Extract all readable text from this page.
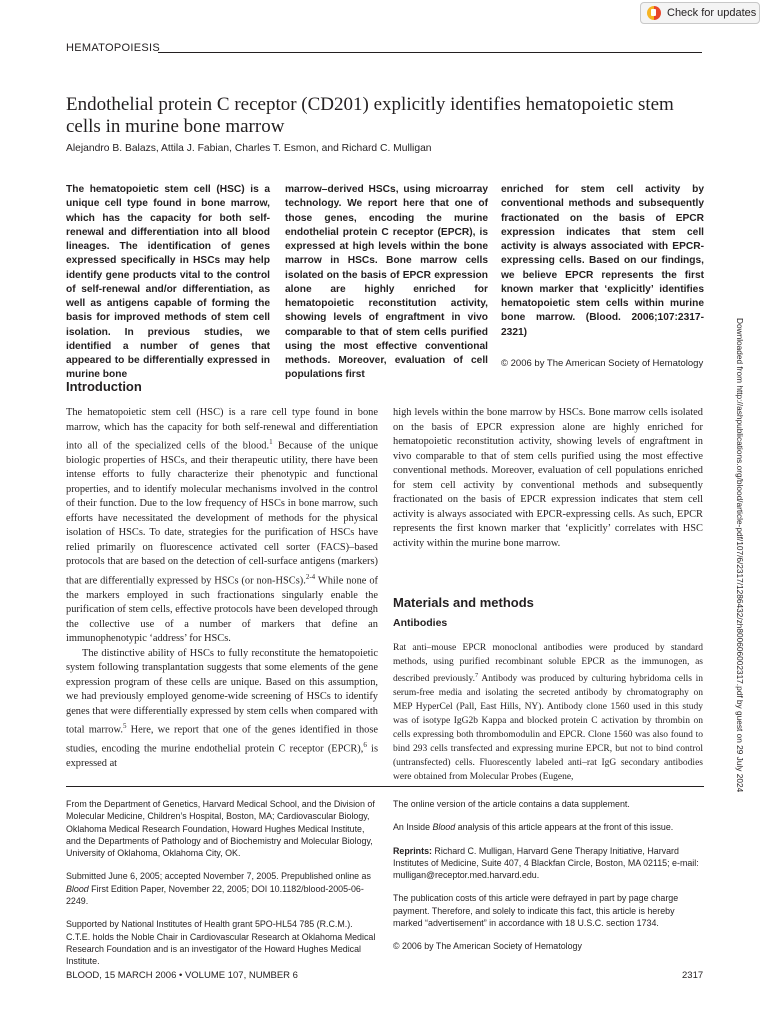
Check for updates
HEMATOPOIESIS
Endothelial protein C receptor (CD201) explicitly identifies hematopoietic stem
cells in murine bone marrow
Alejandro B. Balazs, Attila J. Fabian, Charles T. Esmon, and Richard C. Mulligan

The hematopoietic stem cell (HSC) is a unique cell type found in bone marrow, which has the capacity for both self-renewal and differentiation into all blood lineages. The identification of genes expressed specifically in HSCs may help identify gene products vital to the control of self-renewal and/or differentiation, as well as antigens capable of forming the basis for improved methods of stem cell isolation. In previous studies, we identified a number of genes that appeared to be differentially expressed in murine bone

marrow–derived HSCs, using microarray technology. We report here that one of those genes, encoding the murine endothelial protein C receptor (EPCR), is expressed at high levels within the bone marrow in HSCs. Bone marrow cells isolated on the basis of EPCR expression alone are highly enriched for hematopoietic reconstitution activity, showing levels of engraftment in vivo comparable to that of stem cells purified using the most effective conventional methods. Moreover, evaluation of cell populations first

enriched for stem cell activity by conventional methods and subsequently fractionated on the basis of EPCR expression indicates that stem cell activity is always associated with EPCR-expressing cells. Based on our findings, we believe EPCR represents the first known marker that ‘explicitly’ identifies hematopoietic stem cells within murine bone marrow. (Blood. 2006;107:2317-2321)

© 2006 by The American Society of Hematology
Introduction

The hematopoietic stem cell (HSC) is a rare cell type found in bone marrow, which has the capacity for both self-renewal and differentiation into all of the specialized cells of the blood.$^1$ Because of the unique biologic properties of HSCs, and their therapeutic utility, there have been intense efforts to fully characterize their phenotypic and functional properties, and to identify molecular mechanisms involved in the control of their function. Due to the low frequency of HSCs in bone marrow, such efforts have necessitated the development of methods for the physical isolation of HSCs. To date, strategies for the purification of HSCs have relied primarily on fluorescence activated cell sorter (FACS)–based protocols that are based on the detection of cell-surface antigens (markers) that are differentially expressed by HSCs (or non-HSCs).$^{2-4}$ While none of the markers employed in such fractionations singularly enable the purification of stem cells, effective protocols have been developed through the collective use of a number of markers that define an immunophenotypic ‘address’ for HSCs.

The distinctive ability of HSCs to fully reconstitute the hematopoietic system following transplantation suggests that some elements of the gene expression program of these cells are unique. Based on this assumption, we had previously employed genome-wide screening of HSCs to identify genes that were differentially expressed by stem cells when compared with total marrow.$^5$ Here, we report that one of the genes identified in those studies, encoding the murine endothelial protein C receptor (EPCR),$^6$ is expressed at

high levels within the bone marrow by HSCs. Bone marrow cells isolated on the basis of EPCR expression alone are highly enriched for hematopoietic reconstitution activity, showing levels of engraftment in vivo comparable to that of stem cells purified using the most effective conventional methods. Moreover, evaluation of cell populations enriched for stem cell activity by conventional methods and subsequently fractionated on the basis of EPCR expression indicates that stem cell activity is always associated with EPCR-expressing cells. As such, EPCR represents the first known marker that ‘explicitly’ correlates with HSC activity within the murine bone marrow.

Materials and methods
Antibodies

Rat anti–mouse EPCR monoclonal antibodies were produced by standard methods, using purified recombinant soluble EPCR as the immunogen, as described previously.$^7$ Antibody was produced by culturing hybridoma cells in serum-free media and isolating the secreted antibody by chromatography on MEP HyperCel (Pall, East Hills, NY). Antibody clone 1560 used in this study was of isotype IgG2b Kappa and blocked protein C activation by thrombin on cells expressing both thrombomodulin and EPCR. Clone 1560 was also found to bind 293 cells transfected and expressing murine EPCR, but not to bind control (untransfected) cells. Fluorescently labeled anti–rat IgG secondary antibodies were obtained from Molecular Probes (Eugene,

From the Department of Genetics, Harvard Medical School, and the Division of Molecular Medicine, Children’s Hospital, Boston, MA; Cardiovascular Biology, Oklahoma Medical Research Foundation, Howard Hughes Medical Institute, and the Departments of Pathology and of Biochemistry and Molecular Biology, University of Oklahoma, Oklahoma City, OK.

Submitted June 6, 2005; accepted November 7, 2005. Prepublished online as Blood First Edition Paper, November 22, 2005; DOI 10.1182/blood-2005-06-2249.

Supported by National Institutes of Health grant 5PO-HL54 785 (R.C.M.). C.T.E. holds the Noble Chair in Cardiovascular Research at Oklahoma Medical Research Foundation and is an investigator of the Howard Hughes Medical Institute.

The online version of the article contains a data supplement.

An Inside Blood analysis of this article appears at the front of this issue.

Reprints: Richard C. Mulligan, Harvard Gene Therapy Initiative, Harvard Institutes of Medicine, Suite 407, 4 Blackfan Circle, Boston, MA 02115; e-mail: mulligan@receptor.med.harvard.edu.

The publication costs of this article were defrayed in part by page charge payment. Therefore, and solely to indicate this fact, this article is hereby marked “advertisement” in accordance with 18 U.S.C. section 1734.

© 2006 by The American Society of Hematology

BLOOD, 15 MARCH 2006 • VOLUME 107, NUMBER 6	2317
Downloaded from http://ashpublications.org/blood/article-pdf/107/6/2317/1286432/zh800606002317.pdf by guest on 29 July 2024
